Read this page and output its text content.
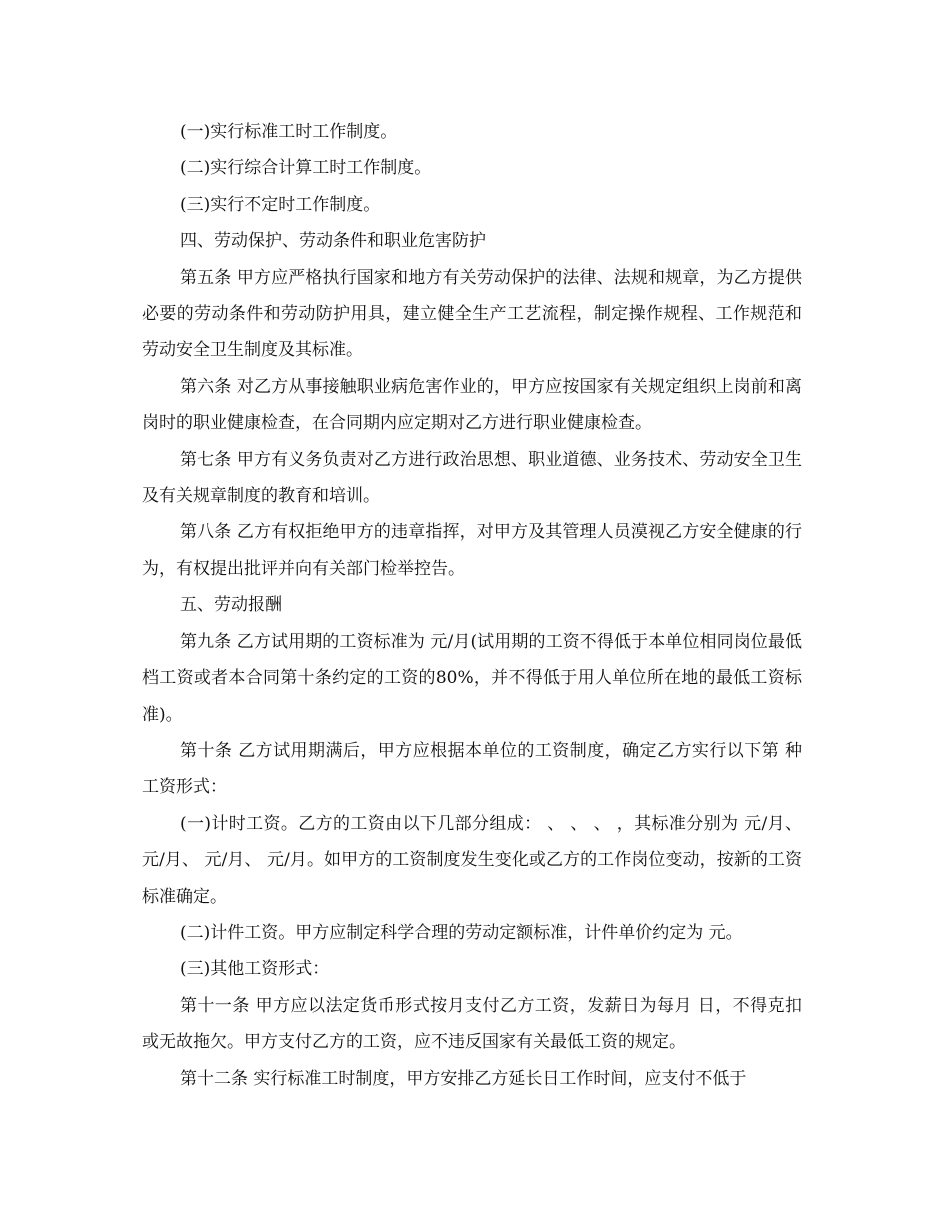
(一)实行标准工时工作制度。

(二)实行综合计算工时工作制度。

(三)实行不定时工作制度。

四、劳动保护、劳动条件和职业危害防护

第五条 甲方应严格执行国家和地方有关劳动保护的法律、法规和规章，为乙方提供必要的劳动条件和劳动防护用具，建立健全生产工艺流程，制定操作规程、工作规范和劳动安全卫生制度及其标准。

第六条 对乙方从事接触职业病危害作业的，甲方应按国家有关规定组织上岗前和离岗时的职业健康检查，在合同期内应定期对乙方进行职业健康检查。

第七条 甲方有义务负责对乙方进行政治思想、职业道德、业务技术、劳动安全卫生及有关规章制度的教育和培训。

第八条 乙方有权拒绝甲方的违章指挥，对甲方及其管理人员漠视乙方安全健康的行为，有权提出批评并向有关部门检举控告。

五、劳动报酬

第九条 乙方试用期的工资标准为 元/月(试用期的工资不得低于本单位相同岗位最低档工资或者本合同第十条约定的工资的80%，并不得低于用人单位所在地的最低工资标准)。

第十条 乙方试用期满后，甲方应根据本单位的工资制度，确定乙方实行以下第 种工资形式：

(一)计时工资。乙方的工资由以下几部分组成： 、 、 、 ，其标准分别为 元/月、 元/月、 元/月、 元/月。如甲方的工资制度发生变化或乙方的工作岗位变动，按新的工资标准确定。

(二)计件工资。甲方应制定科学合理的劳动定额标准，计件单价约定为 元。

(三)其他工资形式：

第十一条 甲方应以法定货币形式按月支付乙方工资，发薪日为每月 日，不得克扣或无故拖欠。甲方支付乙方的工资，应不违反国家有关最低工资的规定。

第十二条 实行标准工时制度，甲方安排乙方延长日工作时间，应支付不低于
